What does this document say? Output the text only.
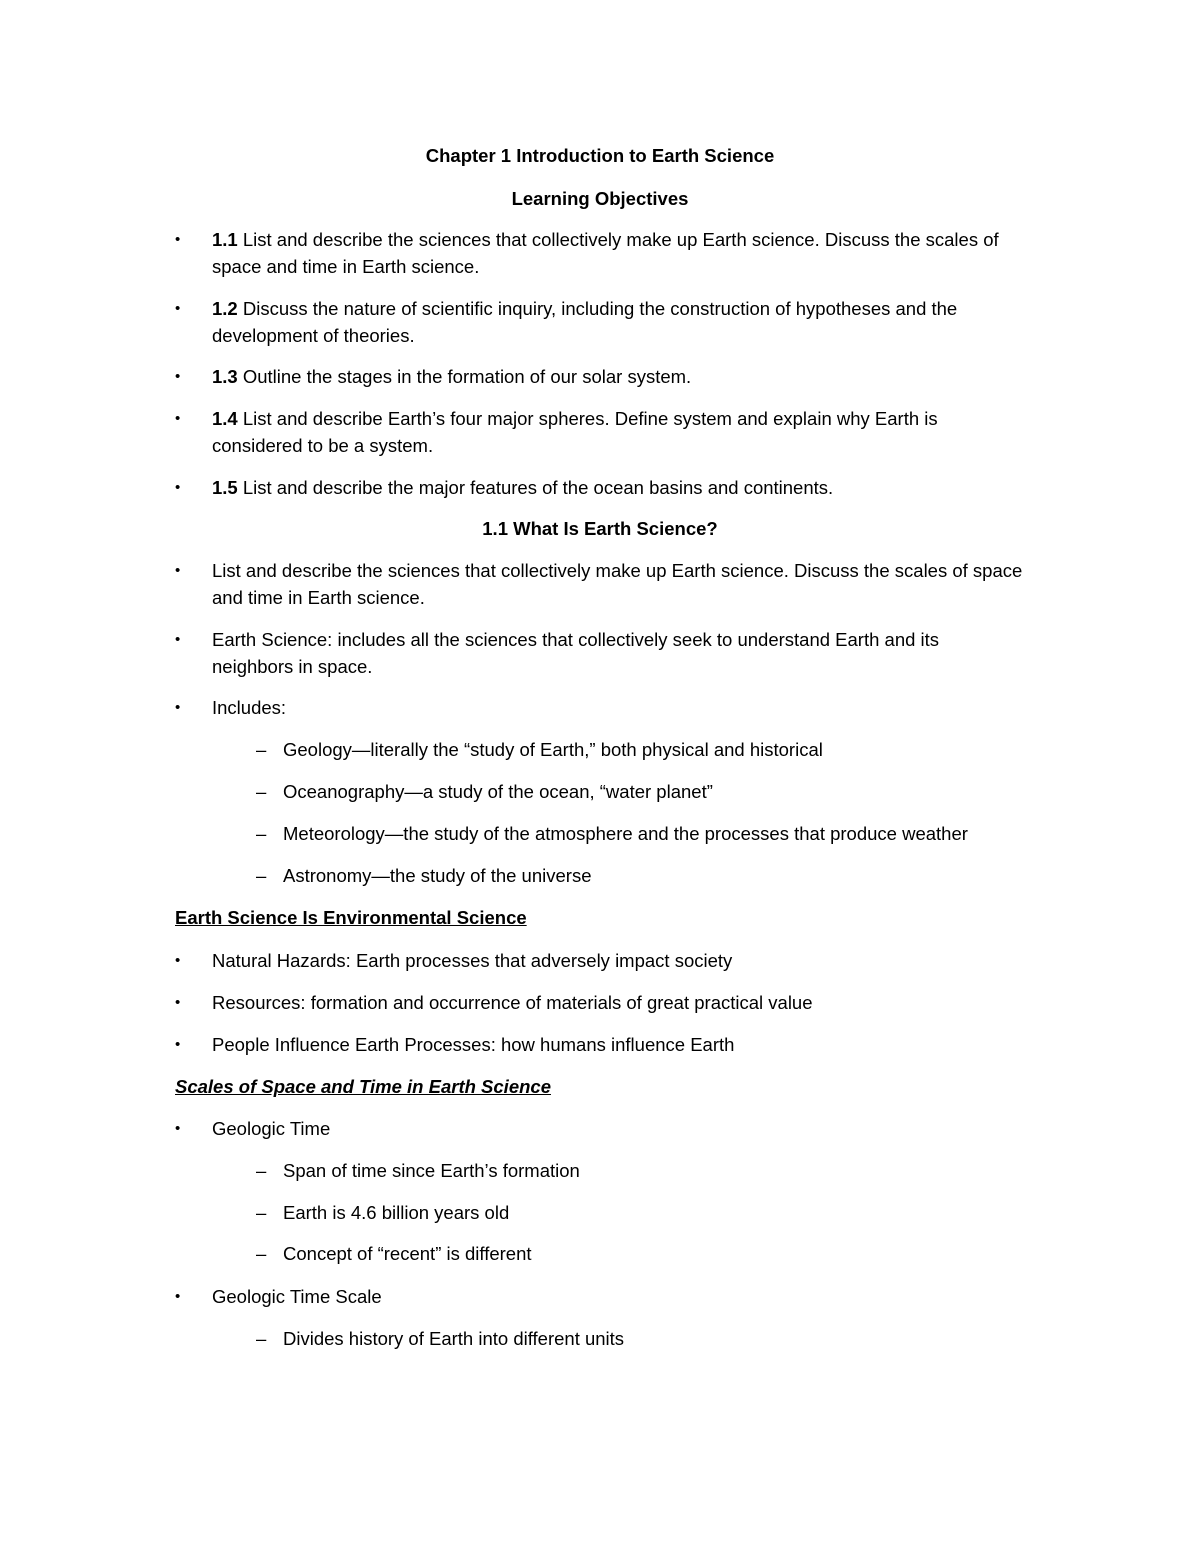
Chapter 1 Introduction to Earth Science
Learning Objectives
• 1.1 List and describe the sciences that collectively make up Earth science. Discuss the scales of
space and time in Earth science.
• 1.2 Discuss the nature of scientific inquiry, including the construction of hypotheses and the
development of theories.
• 1.3 Outline the stages in the formation of our solar system.
• 1.4 List and describe Earth’s four major spheres. Define system and explain why Earth is
considered to be a system.
• 1.5 List and describe the major features of the ocean basins and continents.
1.1 What Is Earth Science?
• List and describe the sciences that collectively make up Earth science. Discuss the scales of space
and time in Earth science.
• Earth Science: includes all the sciences that collectively seek to understand Earth and its
neighbors in space.
• Includes:
– Geology—literally the “study of Earth,” both physical and historical
– Oceanography—a study of the ocean, “water planet”
– Meteorology—the study of the atmosphere and the processes that produce weather
– Astronomy—the study of the universe
Earth Science Is Environmental Science
• Natural Hazards: Earth processes that adversely impact society
• Resources: formation and occurrence of materials of great practical value
• People Influence Earth Processes: how humans influence Earth
Scales of Space and Time in Earth Science
• Geologic Time
– Span of time since Earth’s formation
– Earth is 4.6 billion years old
– Concept of “recent” is different
• Geologic Time Scale
– Divides history of Earth into different units
